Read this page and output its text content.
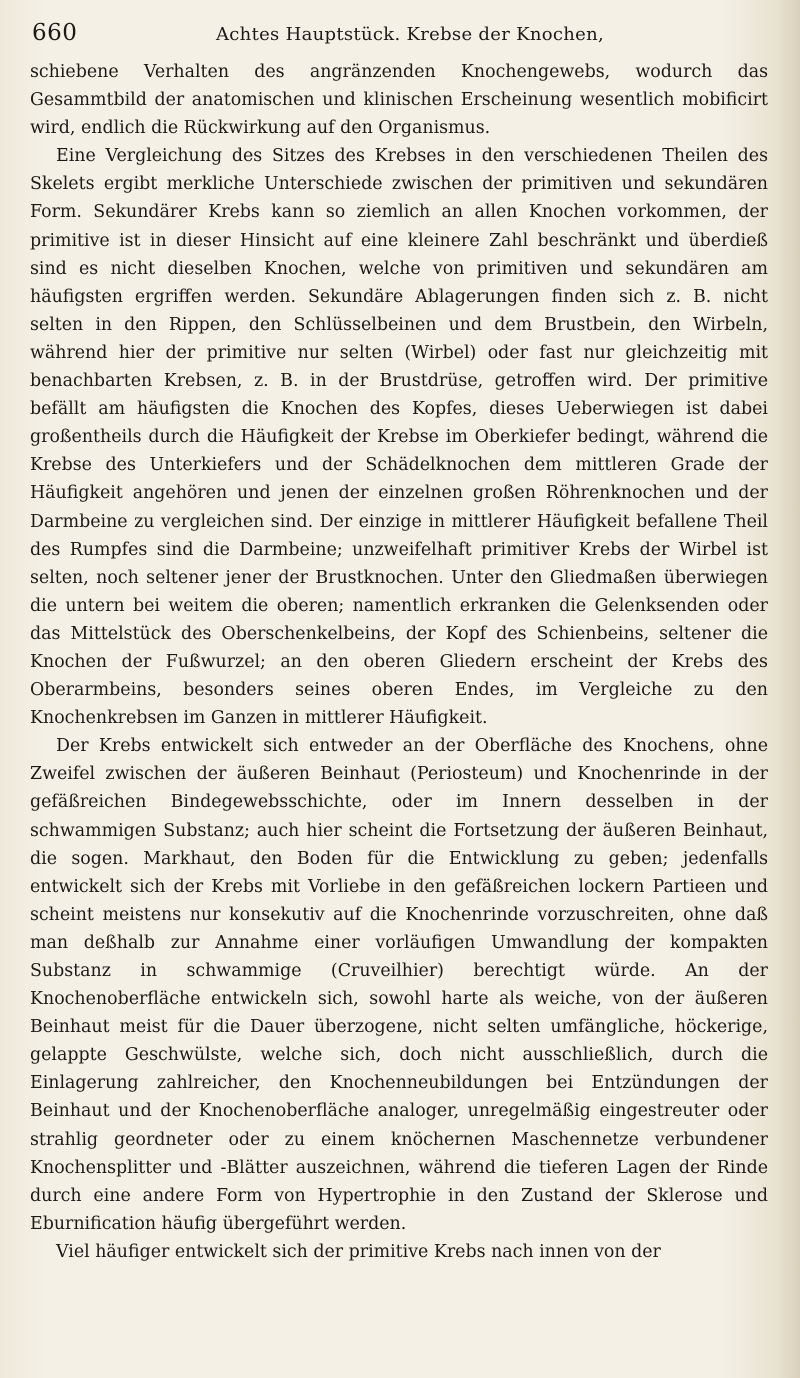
660	Achtes Hauptstück. Krebse der Knochen,

schiebene Verhalten des angränzenden Knochengewebs, wodurch das Gesammtbild der anatomischen und klinischen Erscheinung wesentlich mobificirt wird, endlich die Rückwirkung auf den Organismus.

Eine Vergleichung des Sitzes des Krebses in den verschiedenen Theilen des Skelets ergibt merkliche Unterschiede zwischen der primitiven und sekundären Form. Sekundärer Krebs kann so ziemlich an allen Knochen vorkommen, der primitive ist in dieser Hinsicht auf eine kleinere Zahl beschränkt und überdieß sind es nicht dieselben Knochen, welche von primitiven und sekundären am häufigsten ergriffen werden. Sekundäre Ablagerungen finden sich z. B. nicht selten in den Rippen, den Schlüsselbeinen und dem Brustbein, den Wirbeln, während hier der primitive nur selten (Wirbel) oder fast nur gleichzeitig mit benachbarten Krebsen, z. B. in der Brustdrüse, getroffen wird. Der primitive befällt am häufigsten die Knochen des Kopfes, dieses Ueberwiegen ist dabei großentheils durch die Häufigkeit der Krebse im Oberkiefer bedingt, während die Krebse des Unterkiefers und der Schädelknochen dem mittleren Grade der Häufigkeit angehören und jenen der einzelnen großen Röhrenknochen und der Darmbeine zu vergleichen sind. Der einzige in mittlerer Häufigkeit befallene Theil des Rumpfes sind die Darmbeine; unzweifelhaft primitiver Krebs der Wirbel ist selten, noch seltener jener der Brustknochen. Unter den Gliedmaßen überwiegen die untern bei weitem die oberen; namentlich erkranken die Gelenksenden oder das Mittelstück des Oberschenkelbeins, der Kopf des Schienbeins, seltener die Knochen der Fußwurzel; an den oberen Gliedern erscheint der Krebs des Oberarmbeins, besonders seines oberen Endes, im Vergleiche zu den Knochenkrebsen im Ganzen in mittlerer Häufigkeit.

Der Krebs entwickelt sich entweder an der Oberfläche des Knochens, ohne Zweifel zwischen der äußeren Beinhaut (Periosteum) und Knochenrinde in der gefäßreichen Bindegewebsschichte, oder im Innern desselben in der schwammigen Substanz; auch hier scheint die Fortsetzung der äußeren Beinhaut, die sogen. Markhaut, den Boden für die Entwicklung zu geben; jedenfalls entwickelt sich der Krebs mit Vorliebe in den gefäßreichen lockern Partieen und scheint meistens nur konsekutiv auf die Knochenrinde vorzuschreiten, ohne daß man deßhalb zur Annahme einer vorläufigen Umwandlung der kompakten Substanz in schwammige (Cruveilhier) berechtigt würde. An der Knochenoberfläche entwickeln sich, sowohl harte als weiche, von der äußeren Beinhaut meist für die Dauer überzogene, nicht selten umfängliche, höckerige, gelappte Geschwülste, welche sich, doch nicht ausschließlich, durch die Einlagerung zahlreicher, den Knochenneubildungen bei Entzündungen der Beinhaut und der Knochenoberfläche analoger, unregelmäßig eingestreuter oder strahlig geordneter oder zu einem knöchernen Maschennetze verbundener Knochensplitter und -Blätter auszeichnen, während die tieferen Lagen der Rinde durch eine andere Form von Hypertrophie in den Zustand der Sklerose und Eburnification häufig übergeführt werden.

Viel häufiger entwickelt sich der primitive Krebs nach innen von der
